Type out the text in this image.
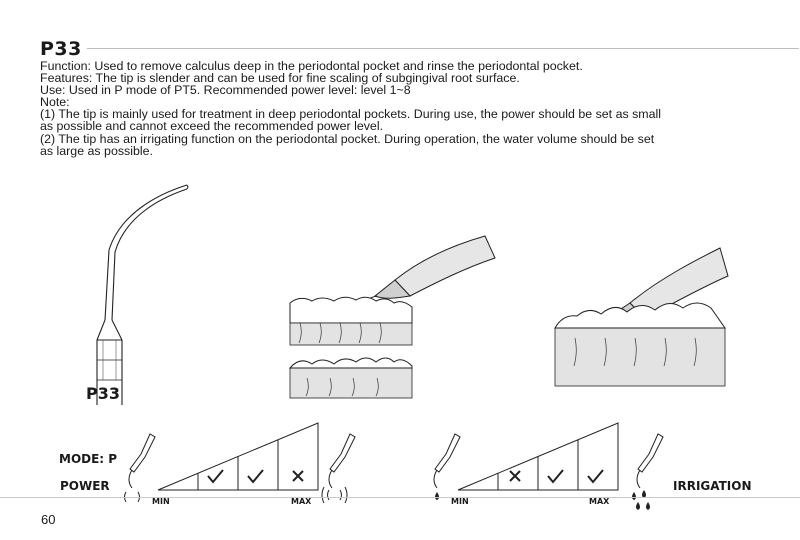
P33
Function: Used to remove calculus deep in the periodontal pocket and rinse the periodontal pocket.
Features: The tip is slender and can be used for fine scaling of subgingival root surface.
Use: Used in P mode of PT5. Recommended power level: level 1~8
Note:
(1) The tip is mainly used for treatment in deep periodontal pockets. During use, the power should be set as small
as possible and cannot exceed the recommended power level.
(2) The tip has an irrigating function on the periodontal pocket. During operation, the water volume should be set
as large as possible.
P33
MODE: P
POWER
MIN	MAX	MIN	MAX
IRRIGATION
60
